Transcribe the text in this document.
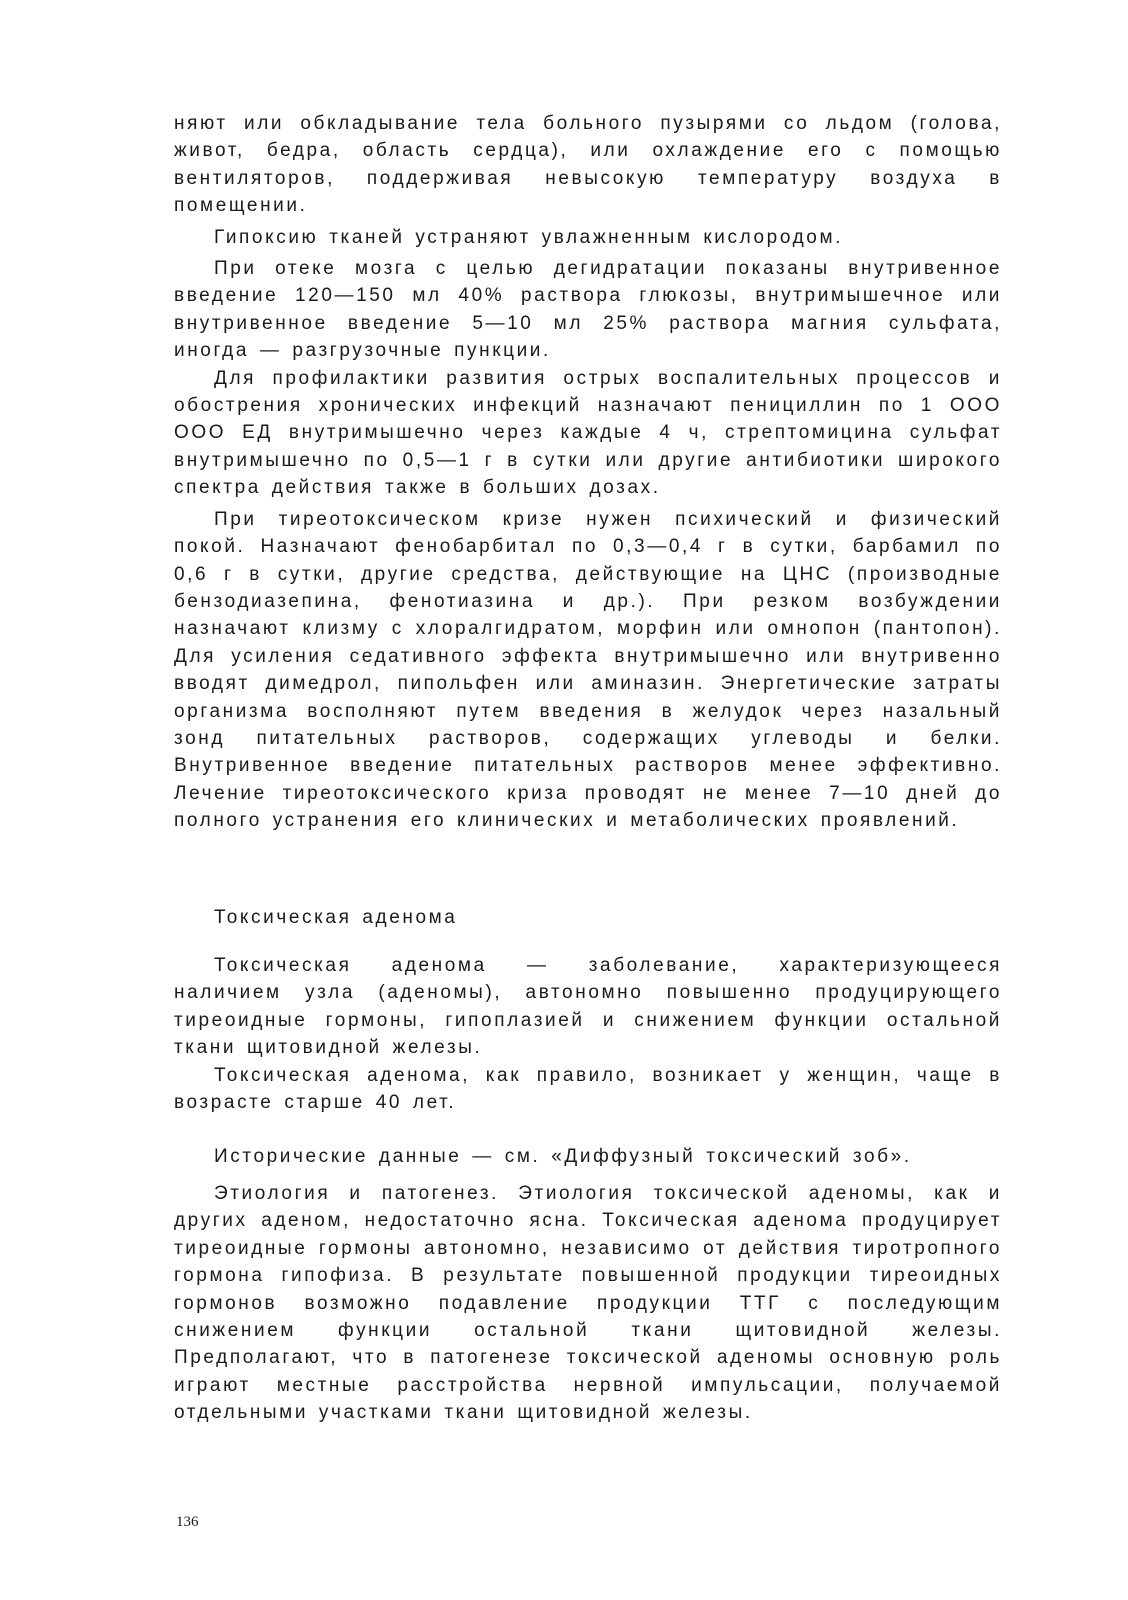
няют или обкладывание тела больного пузырями со льдом (голова, живот, бедра, область сердца), или охлаждение его с помощью вентиляторов, поддерживая невысокую температуру воздуха в помещении.

Гипоксию тканей устраняют увлажненным кислородом.

При отеке мозга с целью дегидратации показаны внутривенное введение 120—150 мл 40% раствора глюкозы, внутримышечное или внутривенное введение 5—10 мл 25% раствора магния сульфата, иногда — разгрузочные пункции.

Для профилактики развития острых воспалительных процессов и обострения хронических инфекций назначают пенициллин по 1 ООО ООО ЕД внутримышечно через каждые 4 ч, стрептомицина сульфат внутримышечно по 0,5—1 г в сутки или другие антибиотики широкого спектра действия также в больших дозах.

При тиреотоксическом кризе нужен психический и физический покой. Назначают фенобарбитал по 0,3—0,4 г в сутки, барбамил по 0,6 г в сутки, другие средства, действующие на ЦНС (производные бензодиазепина, фенотиазина и др.). При резком возбуждении назначают клизму с хлоралгидратом, морфин или омнопон (пантопон). Для усиления седативного эффекта внутримышечно или внутривенно вводят димедрол, пипольфен или аминазин. Энергетические затраты организма восполняют путем введения в желудок через назальный зонд питательных растворов, содержащих углеводы и белки. Внутривенное введение питательных растворов менее эффективно. Лечение тиреотоксического криза проводят не менее 7—10 дней до полного устранения его клинических и метаболических проявлений.

Токсическая аденома

Токсическая аденома — заболевание, характеризующееся наличием узла (аденомы), автономно повышенно продуцирующего тиреоидные гормоны, гипоплазией и снижением функции остальной ткани щитовидной железы.

Токсическая аденома, как правило, возникает у женщин, чаще в возрасте старше 40 лет.

Исторические данные — см. «Диффузный токсический зоб».

Этиология и патогенез. Этиология токсической аденомы, как и других аденом, недостаточно ясна. Токсическая аденома продуцирует тиреоидные гормоны автономно, независимо от действия тиротропного гормона гипофиза. В результате повышенной продукции тиреоидных гормонов возможно подавление продукции ТТГ с последующим снижением функции остальной ткани щитовидной железы. Предполагают, что в патогенезе токсической аденомы основную роль играют местные расстройства нервной импульсации, получаемой отдельными участками ткани щитовидной железы.

136
